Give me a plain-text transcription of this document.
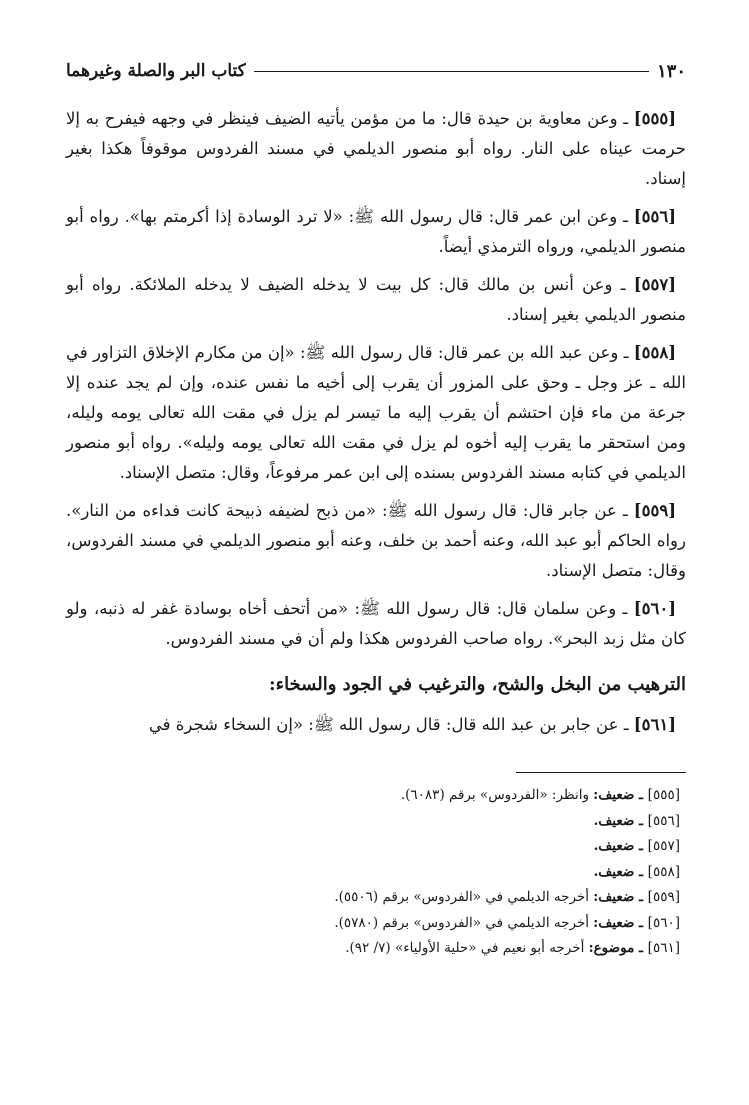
١٣٠
كتاب البر والصلة وغيرهما

[٥٥٥] ـ وعن معاوية بن حيدة قال: ما من مؤمن يأتيه الضيف فينظر في وجهه فيفرح به إلا حرمت عيناه على النار. رواه أبو منصور الديلمي في مسند الفردوس موقوفاً هكذا بغير إسناد.

[٥٥٦] ـ وعن ابن عمر قال: قال رسول الله ﷺ: «لا ترد الوسادة إذا أكرمتم بها». رواه أبو منصور الديلمي، ورواه الترمذي أيضاً.

[٥٥٧] ـ وعن أنس بن مالك قال: كل بيت لا يدخله الضيف لا يدخله الملائكة. رواه أبو منصور الديلمي بغير إسناد.

[٥٥٨] ـ وعن عبد الله بن عمر قال: قال رسول الله ﷺ: «إن من مكارم الإخلاق التزاور في الله ـ عز وجل ـ وحق على المزور أن يقرب إلى أخيه ما نفس عنده، وإن لم يجد عنده إلا جرعة من ماء فإن احتشم أن يقرب إليه ما تيسر لم يزل في مقت الله تعالى يومه وليله، ومن استحقر ما يقرب إليه أخوه لم يزل في مقت الله تعالى يومه وليله». رواه أبو منصور الديلمي في كتابه مسند الفردوس بسنده إلى ابن عمر مرفوعاً، وقال: متصل الإسناد.

[٥٥٩] ـ عن جابر قال: قال رسول الله ﷺ: «من ذبح لضيفه ذبيحة كانت فداءه من النار». رواه الحاكم أبو عبد الله، وعنه أحمد بن خلف، وعنه أبو منصور الديلمي في مسند الفردوس، وقال: متصل الإسناد.

[٥٦٠] ـ وعن سلمان قال: قال رسول الله ﷺ: «من أتحف أخاه بوسادة غفر له ذنبه، ولو كان مثل زبد البحر». رواه صاحب الفردوس هكذا ولم أن في مسند الفردوس.

الترهيب من البخل والشح، والترغيب في الجود والسخاء:

[٥٦١] ـ عن جابر بن عبد الله قال: قال رسول الله ﷺ: «إن السخاء شجرة في

[٥٥٥] ـ ضعيف: وانظر: «الفردوس» برقم (٦٠٨٣).
[٥٥٦] ـ ضعيف.
[٥٥٧] ـ ضعيف.
[٥٥٨] ـ ضعيف.
[٥٥٩] ـ ضعيف: أخرجه الديلمي في «الفردوس» برقم (٥٥٠٦).
[٥٦٠] ـ ضعيف: أخرجه الديلمي في «الفردوس» برقم (٥٧٨٠).
[٥٦١] ـ موضوع: أخرجه أبو نعيم في «حلية الأولياء» (٧/ ٩٢).
